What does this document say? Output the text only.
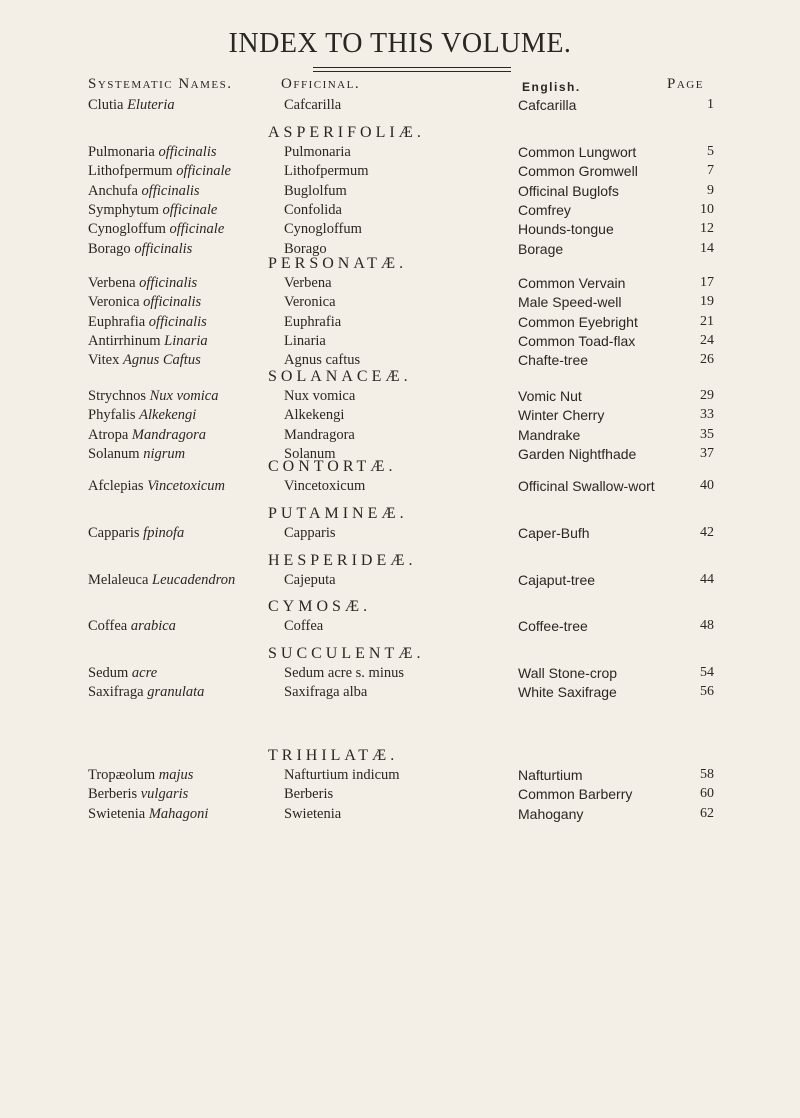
INDEX TO THIS VOLUME.
Systematic Names.	Officinal.	English.	Page
Clutia Eluteria	Cafcarilla	Cafcarilla	1
ASPERIFOLIÆ.
Pulmonaria officinalis	Pulmonaria	Common Lungwort	5
Lithofpermum officinale	Lithofpermum	Common Gromwell	7
Anchufa officinalis	Buglolfum	Officinal Buglofs	9
Symphytum officinale	Confolida	Comfrey	10
Cynogloffum officinale	Cynogloffum	Hounds-tongue	12
Borago officinalis	Borago	Borage	14
PERSONATÆ.
Verbena officinalis	Verbena	Common Vervain	17
Veronica officinalis	Veronica	Male Speed-well	19
Euphrafia officinalis	Euphrafia	Common Eyebright	21
Antirrhinum Linaria	Linaria	Common Toad-flax	24
Vitex Agnus Caftus	Agnus caftus	Chafte-tree	26
SOLANACEÆ.
Strychnos Nux vomica	Nux vomica	Vomic Nut	29
Phyfalis Alkekengi	Alkekengi	Winter Cherry	33
Atropa Mandragora	Mandragora	Mandrake	35
Solanum nigrum	Solanum	Garden Nightfhade	37
CONTORTÆ.
Afclepias Vincetoxicum	Vincetoxicum	Officinal Swallow-wort	40
PUTAMINEÆ.
Capparis fpinofa	Capparis	Caper-Bufh	42
HESPERIDEÆ.
Melaleuca Leucadendron	Cajeputa	Cajaput-tree	44
CYMOSÆ.
Coffea arabica	Coffea	Coffee-tree	48
SUCCULENTÆ.
Sedum acre	Sedum acre s. minus	Wall Stone-crop	54
Saxifraga granulata	Saxifraga alba	White Saxifrage	56
TRIHILATÆ.
Tropæolum majus	Nafturtium indicum	Nafturtium	58
Berberis vulgaris	Berberis	Common Barberry	60
Swietenia Mahagoni	Swietenia	Mahogany	62
